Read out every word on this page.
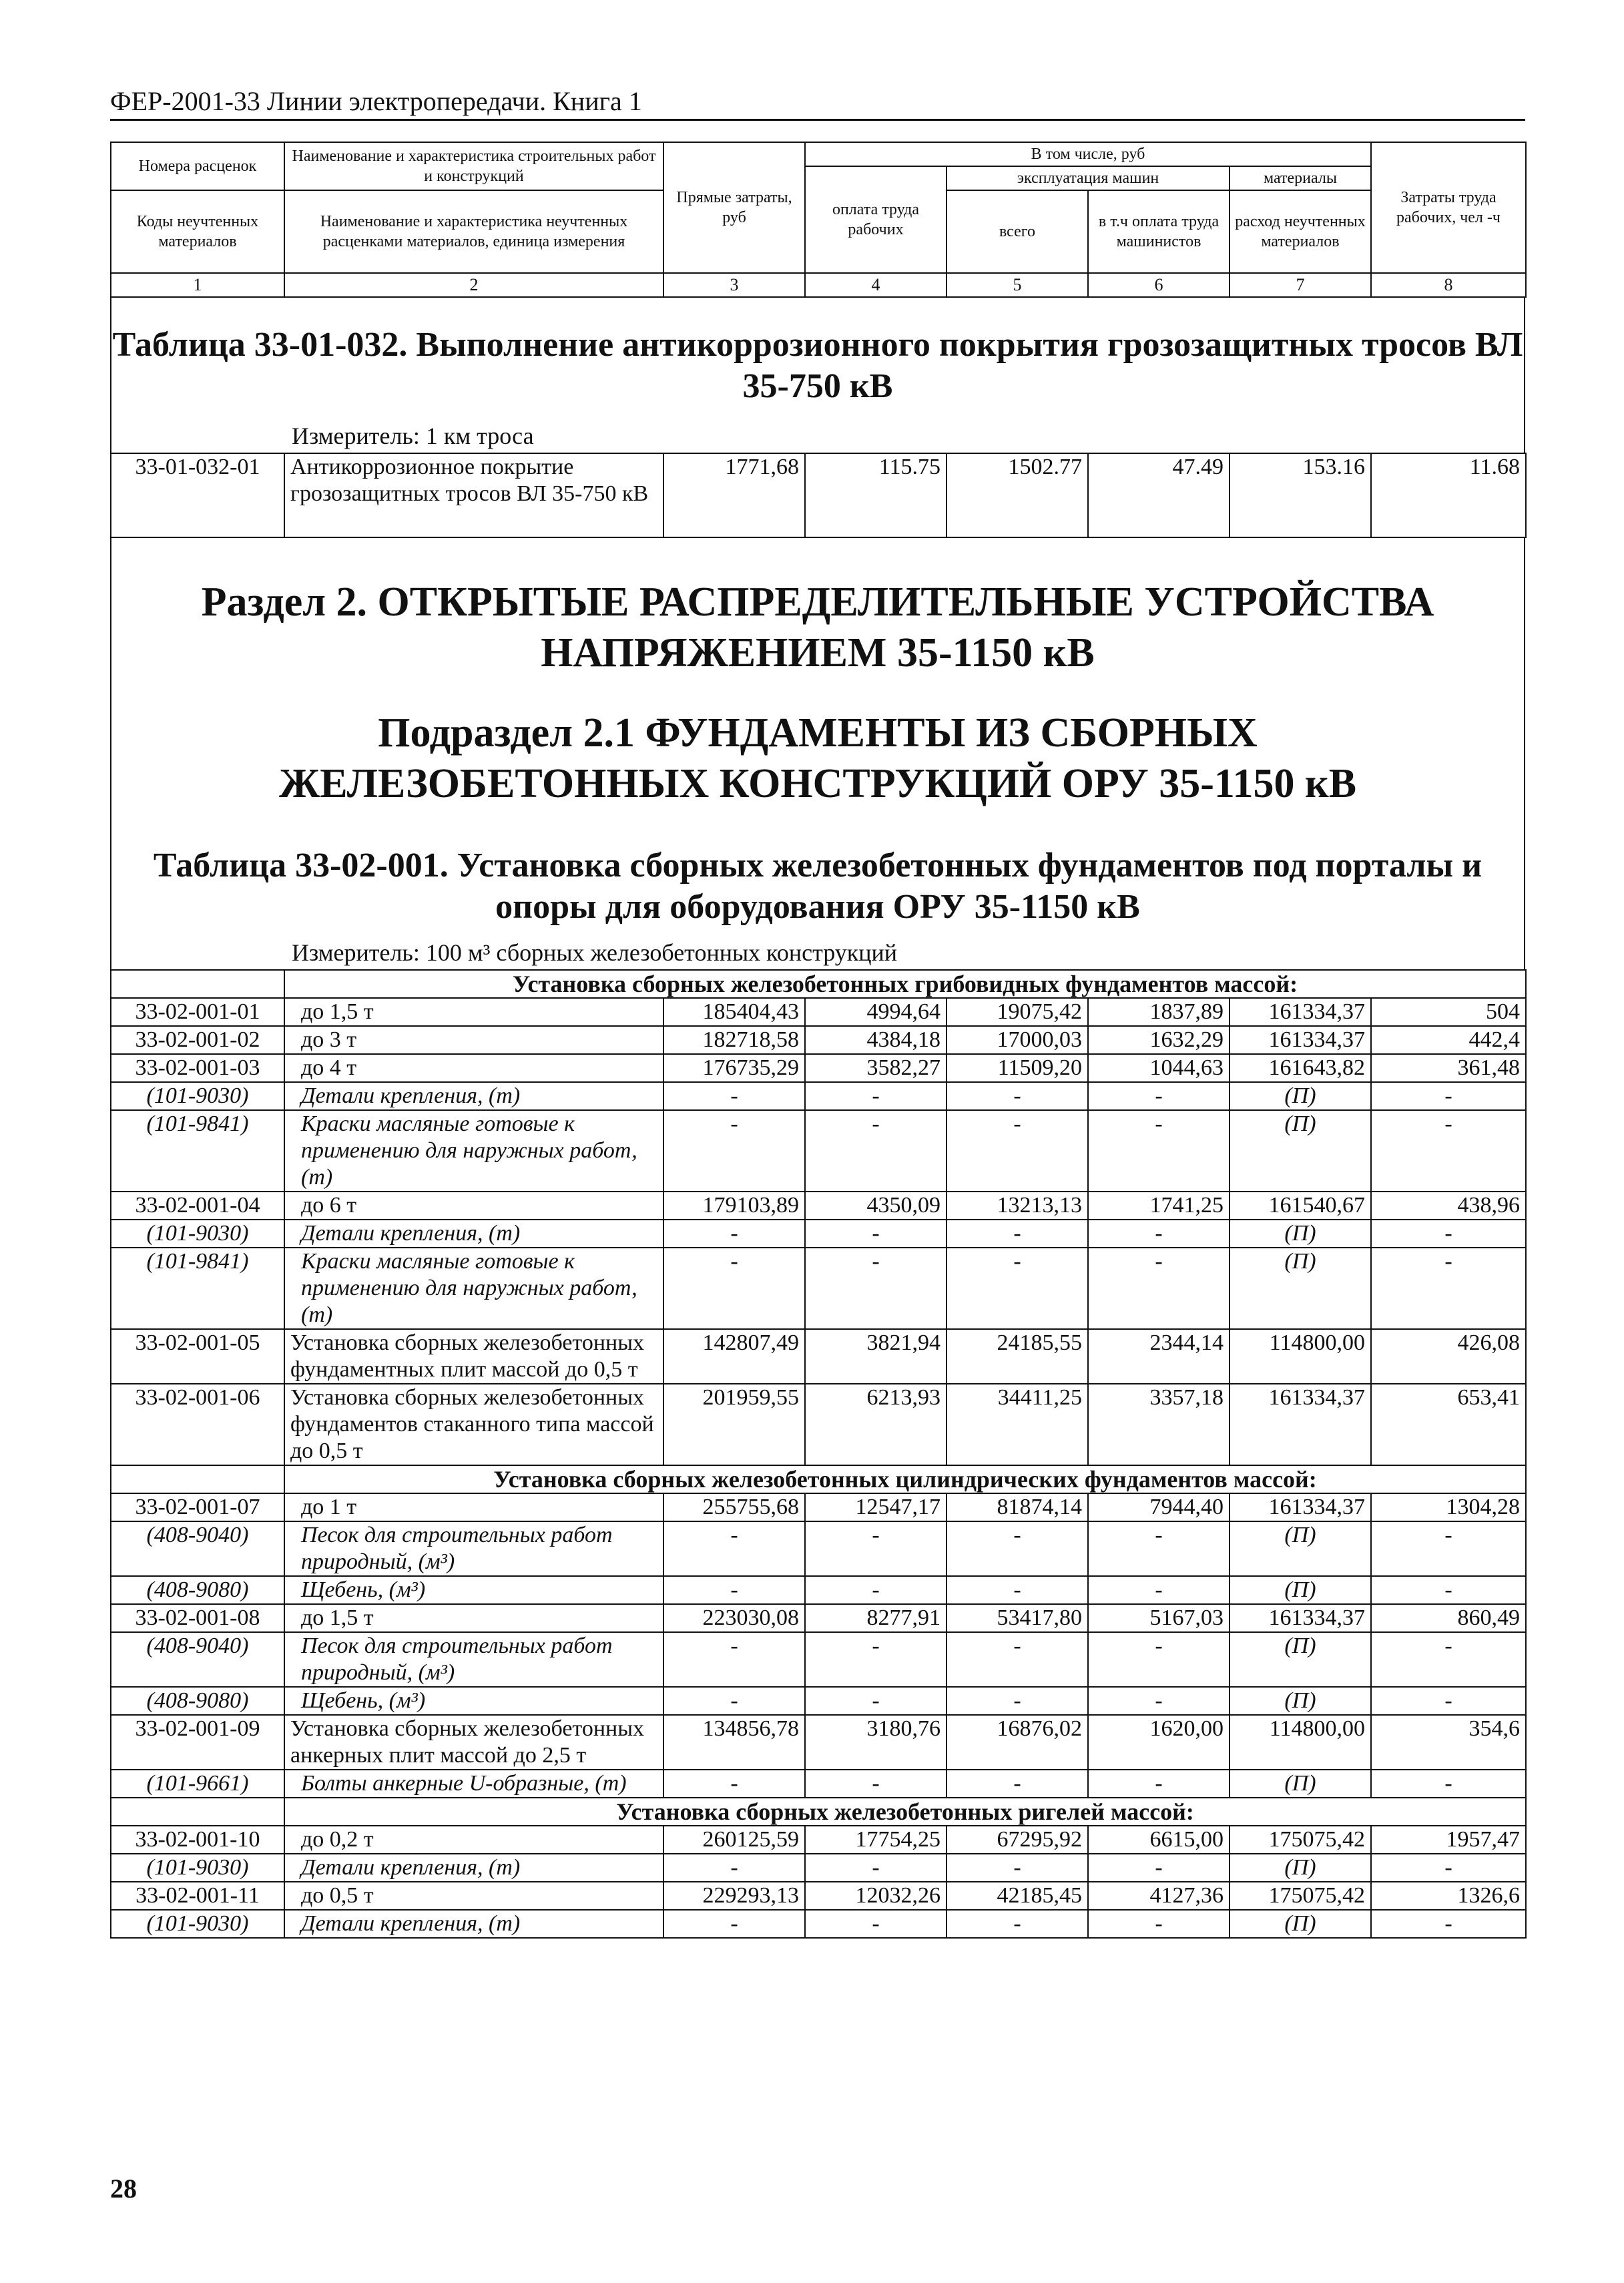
ФЕР-2001-33 Линии электропередачи. Книга 1
Номера расценок	Наименование и характеристика строительных работ и конструкций	Прямые затраты, руб	В том числе, руб				Затраты труда рабочих, чел -ч
			оплата труда рабочих	эксплуатация машин		материалы	
Коды неучтенных материалов	Наименование и характеристика неучтенных расценками материалов, единица измерения			всего	в т.ч оплата труда машинистов	расход неучтенных материалов	

1	2	3	4	5	6	7	8

Таблица 33-01-032. Выполнение антикоррозионного покрытия грозозащитных тросов ВЛ 35-750 кВ

Измеритель: 1 км троса
33-01-032-01	Антикоррозионное покрытие грозозащитных тросов ВЛ 35-750 кВ	1771,68	115.75	1502.77	47.49	153.16	11.68

Раздел 2. ОТКРЫТЫЕ РАСПРЕДЕЛИТЕЛЬНЫЕ УСТРОЙСТВА НАПРЯЖЕНИЕМ 35-1150 кВ

Подраздел 2.1 ФУНДАМЕНТЫ ИЗ СБОРНЫХ ЖЕЛЕЗОБЕТОННЫХ КОНСТРУКЦИЙ ОРУ 35-1150 кВ

Таблица 33-02-001. Установка сборных железобетонных фундаментов под порталы и опоры для оборудования ОРУ 35-1150 кВ

Измеритель: 100 м³ сборных железобетонных конструкций
	Установка сборных железобетонных грибовидных фундаментов массой:						
33-02-001-01	до 1,5 т	185404,43	4994,64	19075,42	1837,89	161334,37	504
33-02-001-02	до 3 т	182718,58	4384,18	17000,03	1632,29	161334,37	442,4
33-02-001-03	до 4 т	176735,29	3582,27	11509,20	1044,63	161643,82	361,48
(101-9030)	Детали крепления, (т)	-	-	-	-	(П)	-
(101-9841)	Краски масляные готовые к применению для наружных работ, (т)	-	-	-	-	(П)	-
33-02-001-04	до 6 т	179103,89	4350,09	13213,13	1741,25	161540,67	438,96
(101-9030)	Детали крепления, (т)	-	-	-	-	(П)	-
(101-9841)	Краски масляные готовые к применению для наружных работ, (т)	-	-	-	-	(П)	-
33-02-001-05	Установка сборных железобетонных фундаментных плит массой до 0,5 т	142807,49	3821,94	24185,55	2344,14	114800,00	426,08
33-02-001-06	Установка сборных железобетонных фундаментов стаканного типа массой до 0,5 т	201959,55	6213,93	34411,25	3357,18	161334,37	653,41
	Установка сборных железобетонных цилиндрических фундаментов массой:						
33-02-001-07	до 1 т	255755,68	12547,17	81874,14	7944,40	161334,37	1304,28
(408-9040)	Песок для строительных работ природный, (м³)	-	-	-	-	(П)	-
(408-9080)	Щебень, (м³)	-	-	-	-	(П)	-
33-02-001-08	до 1,5 т	223030,08	8277,91	53417,80	5167,03	161334,37	860,49
(408-9040)	Песок для строительных работ природный, (м³)	-	-	-	-	(П)	-
(408-9080)	Щебень, (м³)	-	-	-	-	(П)	-
33-02-001-09	Установка сборных железобетонных анкерных плит массой до 2,5 т	134856,78	3180,76	16876,02	1620,00	114800,00	354,6
(101-9661)	Болты анкерные U-образные, (т)	-	-	-	-	(П)	-
	Установка сборных железобетонных ригелей массой:						
33-02-001-10	до 0,2 т	260125,59	17754,25	67295,92	6615,00	175075,42	1957,47
(101-9030)	Детали крепления, (т)	-	-	-	-	(П)	-
33-02-001-11	до 0,5 т	229293,13	12032,26	42185,45	4127,36	175075,42	1326,6
(101-9030)	Детали крепления, (т)	-	-	-	-	(П)	-
28
